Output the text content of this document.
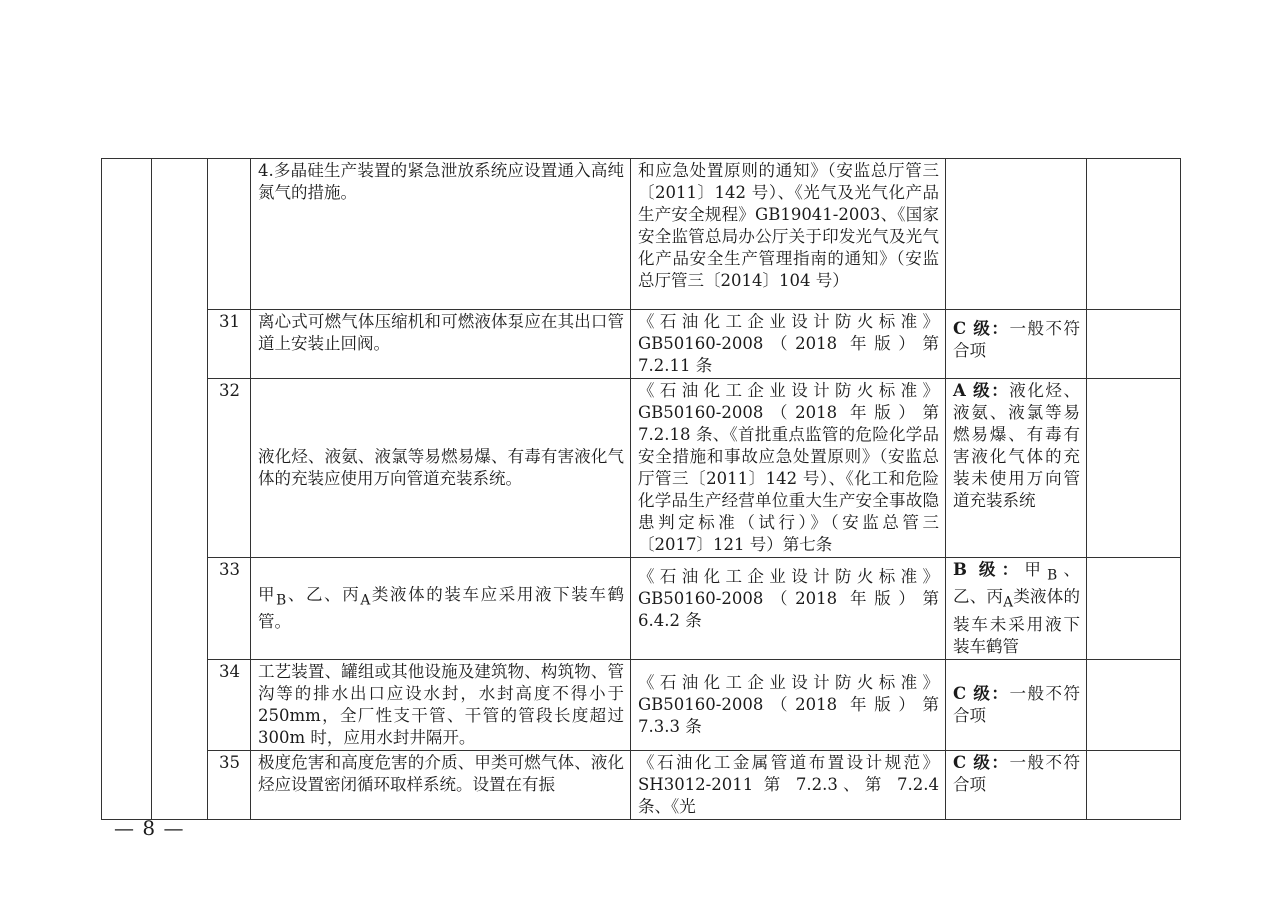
			4.多晶硅生产装置的紧急泄放系统应设置通入高纯氮气的措施。	和应急处置原则的通知》（安监总厅管三〔2011〕142 号）、《光气及光气化产品生产安全规程》GB19041-2003、《国家安全监管总局办公厅关于印发光气及光气化产品安全生产管理指南的通知》（安监总厅管三〔2014〕104 号）		
		31	离心式可燃气体压缩机和可燃液体泵应在其出口管道上安装止回阀。	《石油化工企业设计防火标准》GB50160-2008（2018 年版）第 7.2.11 条	C 级：一般不符合项	
		32	液化烃、液氨、液氯等易燃易爆、有毒有害液化气体的充装应使用万向管道充装系统。	《石油化工企业设计防火标准》GB50160-2008（2018 年版）第 7.2.18 条、《首批重点监管的危险化学品安全措施和事故应急处置原则》（安监总厅管三〔2011〕142 号）、《化工和危险化学品生产经营单位重大生产安全事故隐患判定标准（试行）》（安监总管三〔2017〕121 号）第七条	A 级：液化烃、液氨、液氯等易燃易爆、有毒有害液化气体的充装未使用万向管道充装系统	
		33	甲$_B$、乙、丙$_A$类液体的装车应采用液下装车鹤管。	《石油化工企业设计防火标准》GB50160-2008（2018 年版）第 6.4.2 条	B 级：甲$_B$、乙、丙$_A$类液体的装车未采用液下装车鹤管	
		34	工艺装置、罐组或其他设施及建筑物、构筑物、管沟等的排水出口应设水封，水封高度不得小于 250mm，全厂性支干管、干管的管段长度超过 300m 时，应用水封井隔开。	《石油化工企业设计防火标准》GB50160-2008（2018 年版）第 7.3.3 条	C 级：一般不符合项	
		35	极度危害和高度危害的介质、甲类可燃气体、液化烃应设置密闭循环取样系统。设置在有振	《石油化工金属管道布置设计规范》SH3012-2011 第 7.2.3、第 7.2.4 条、《光	C 级：一般不符合项	
— 8 —
